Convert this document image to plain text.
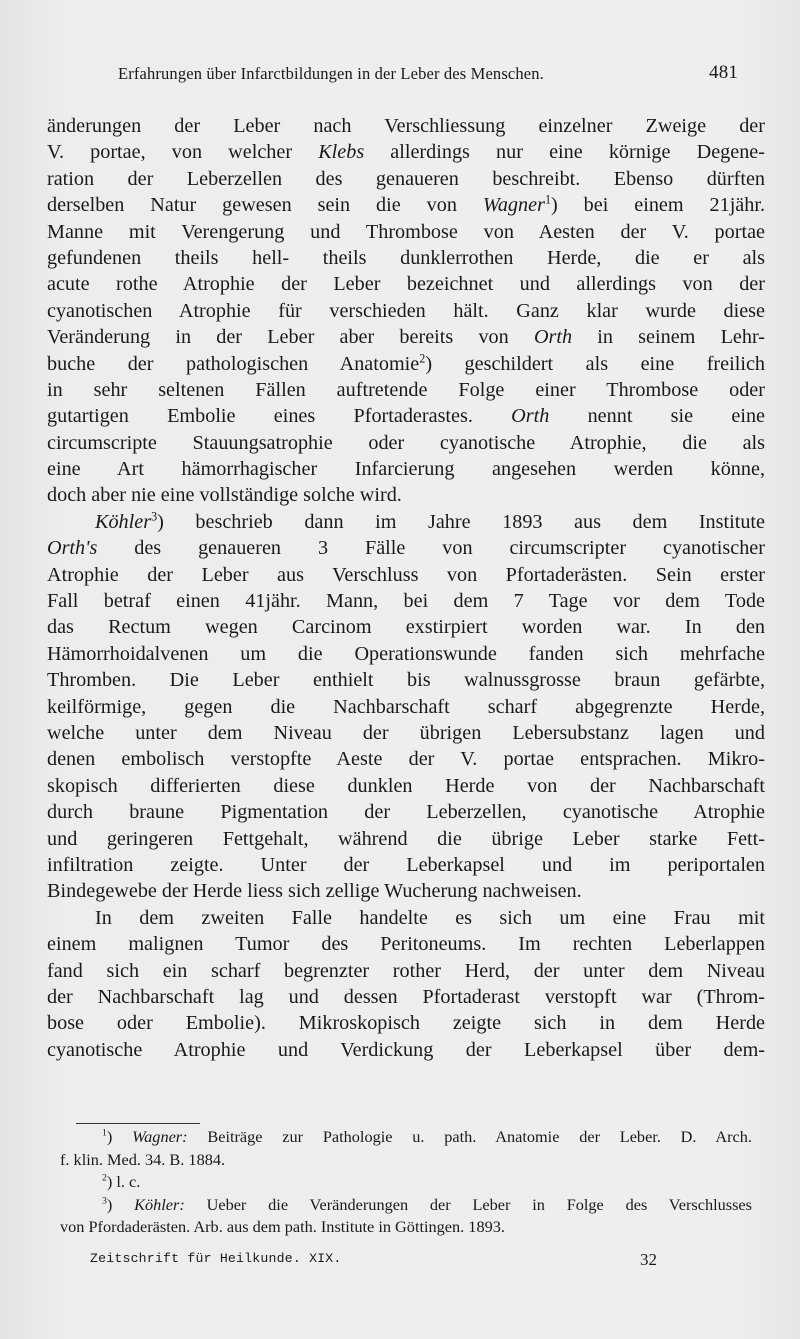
Erfahrungen über Infarctbildungen in der Leber des Menschen.	481
änderungen der Leber nach Verschliessung einzelner Zweige der
V. portae, von welcher Klebs allerdings nur eine körnige Degene-
ration der Leberzellen des genaueren beschreibt. Ebenso dürften
derselben Natur gewesen sein die von Wagner$^1$) bei einem 21jähr.
Manne mit Verengerung und Thrombose von Aesten der V. portae
gefundenen theils hell- theils dunklerrothen Herde, die er als
acute rothe Atrophie der Leber bezeichnet und allerdings von der
cyanotischen Atrophie für verschieden hält. Ganz klar wurde diese
Veränderung in der Leber aber bereits von Orth in seinem Lehr-
buche der pathologischen Anatomie$^2$) geschildert als eine freilich
in sehr seltenen Fällen auftretende Folge einer Thrombose oder
gutartigen Embolie eines Pfortaderastes. Orth nennt sie eine
circumscripte Stauungsatrophie oder cyanotische Atrophie, die als
eine Art hämorrhagischer Infarcierung angesehen werden könne,
doch aber nie eine vollständige solche wird.
Köhler$^3$) beschrieb dann im Jahre 1893 aus dem Institute
Orth's des genaueren 3 Fälle von circumscripter cyanotischer
Atrophie der Leber aus Verschluss von Pfortaderästen. Sein erster
Fall betraf einen 41jähr. Mann, bei dem 7 Tage vor dem Tode
das Rectum wegen Carcinom exstirpiert worden war. In den
Hämorrhoidalvenen um die Operationswunde fanden sich mehrfache
Thromben. Die Leber enthielt bis walnussgrosse braun gefärbte,
keilförmige, gegen die Nachbarschaft scharf abgegrenzte Herde,
welche unter dem Niveau der übrigen Lebersubstanz lagen und
denen embolisch verstopfte Aeste der V. portae entsprachen. Mikro-
skopisch differierten diese dunklen Herde von der Nachbarschaft
durch braune Pigmentation der Leberzellen, cyanotische Atrophie
und geringeren Fettgehalt, während die übrige Leber starke Fett-
infiltration zeigte. Unter der Leberkapsel und im periportalen
Bindegewebe der Herde liess sich zellige Wucherung nachweisen.
In dem zweiten Falle handelte es sich um eine Frau mit
einem malignen Tumor des Peritoneums. Im rechten Leberlappen
fand sich ein scharf begrenzter rother Herd, der unter dem Niveau
der Nachbarschaft lag und dessen Pfortaderast verstopft war (Throm-
bose oder Embolie). Mikroskopisch zeigte sich in dem Herde
cyanotische Atrophie und Verdickung der Leberkapsel über dem-
$^1$) Wagner: Beiträge zur Pathologie u. path. Anatomie der Leber. D. Arch.
f. klin. Med. 34. B. 1884.
$^2$) l. c.
$^3$) Köhler: Ueber die Veränderungen der Leber in Folge des Verschlusses
von Pfordaderästen. Arb. aus dem path. Institute in Göttingen. 1893.
Zeitschrift für Heilkunde. XIX.	32
